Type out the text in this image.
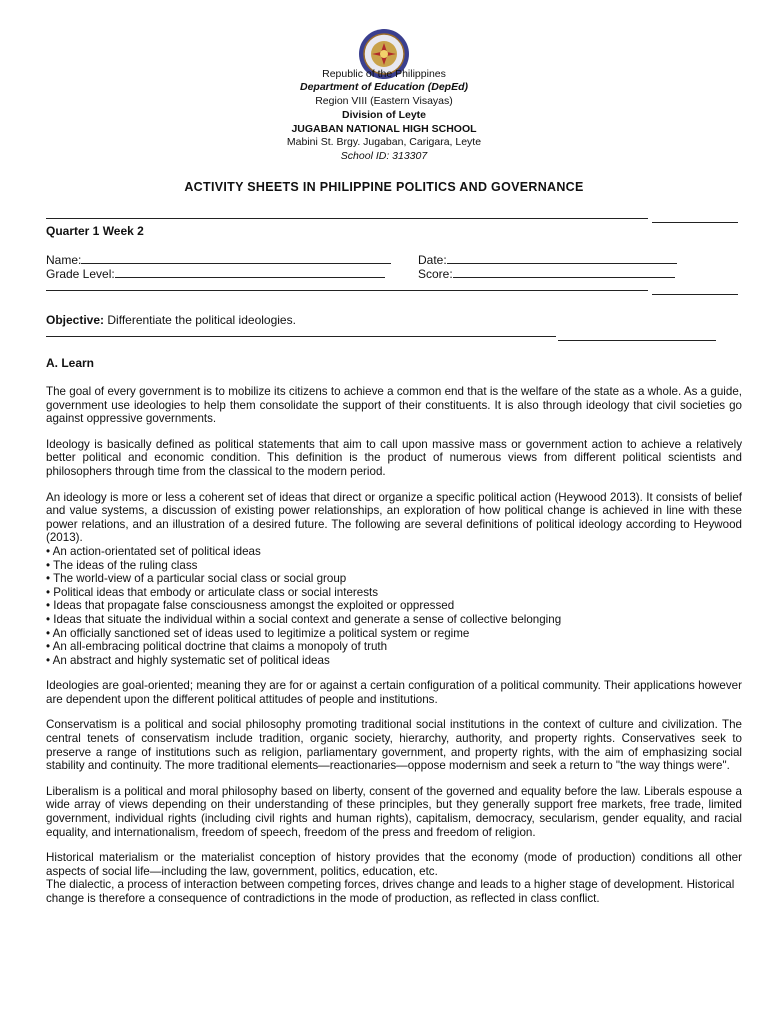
Republic of the Philippines
Department of Education (DepEd)
Region VIII (Eastern Visayas)
Division of Leyte
JUGABAN NATIONAL HIGH SCHOOL
Mabini St. Brgy. Jugaban, Carigara, Leyte
School ID: 313307
ACTIVITY SHEETS IN PHILIPPINE POLITICS AND GOVERNANCE
Quarter 1 Week 2
Name:	Date:
Grade Level:	Score:
Objective: Differentiate the political ideologies.
A. Learn

The goal of every government is to mobilize its citizens to achieve a common end that is the welfare of the state as a whole. As a guide, government use ideologies to help them consolidate the support of their constituents. It is also through ideology that civil societies go against oppressive governments.

Ideology is basically defined as political statements that aim to call upon massive mass or government action to achieve a relatively better political and economic condition. This definition is the product of numerous views from different political scientists and philosophers through time from the classical to the modern period.

An ideology is more or less a coherent set of ideas that direct or organize a specific political action (Heywood 2013). It consists of belief and value systems, a discussion of existing power relationships, an exploration of how political change is achieved in line with these power relations, and an illustration of a desired future. The following are several definitions of political ideology according to Heywood (2013).

• An action-orientated set of political ideas
• The ideas of the ruling class
• The world-view of a particular social class or social group
• Political ideas that embody or articulate class or social interests
• Ideas that propagate false consciousness amongst the exploited or oppressed
• Ideas that situate the individual within a social context and generate a sense of collective belonging
• An officially sanctioned set of ideas used to legitimize a political system or regime
• An all-embracing political doctrine that claims a monopoly of truth
• An abstract and highly systematic set of political ideas

Ideologies are goal-oriented; meaning they are for or against a certain configuration of a political community. Their applications however are dependent upon the different political attitudes of people and institutions.

Conservatism is a political and social philosophy promoting traditional social institutions in the context of culture and civilization. The central tenets of conservatism include tradition, organic society, hierarchy, authority, and property rights. Conservatives seek to preserve a range of institutions such as religion, parliamentary government, and property rights, with the aim of emphasizing social stability and continuity. The more traditional elements—reactionaries—oppose modernism and seek a return to "the way things were".

Liberalism is a political and moral philosophy based on liberty, consent of the governed and equality before the law. Liberals espouse a wide array of views depending on their understanding of these principles, but they generally support free markets, free trade, limited government, individual rights (including civil rights and human rights), capitalism, democracy, secularism, gender equality, and racial equality, and internationalism, freedom of speech, freedom of the press and freedom of religion.

Historical materialism or the materialist conception of history provides that the economy (mode of production) conditions all other aspects of social life—including the law, government, politics, education, etc.

The dialectic, a process of interaction between competing forces, drives change and leads to a higher stage of development. Historical change is therefore a consequence of contradictions in the mode of production, as reflected in class conflict.
